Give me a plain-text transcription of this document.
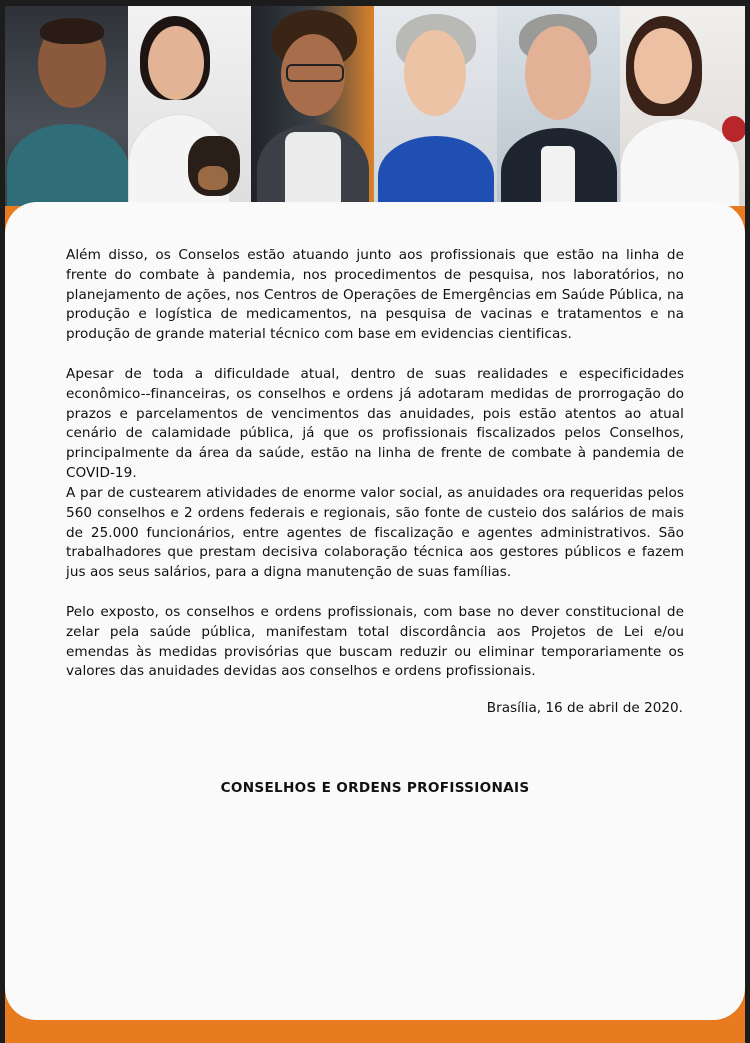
Além disso, os Conselos estão atuando junto aos profissionais que estão na linha de frente do combate à pandemia, nos procedimentos de pesquisa, nos laboratórios, no planejamento de ações, nos Centros de Operações de Emergências em Saúde Pública, na produção e logística de medicamentos, na pesquisa de vacinas e tratamentos e na produção de grande material técnico com base em evidencias cientificas.

Apesar de toda a dificuldade atual, dentro de suas realidades e especificidades econômico--financeiras, os conselhos e ordens já adotaram medidas de prorrogação do prazos e parcelamentos de vencimentos das anuidades, pois estão atentos ao atual cenário de calamidade pública, já que os profissionais fiscalizados pelos Conselhos, principalmente da área da saúde, estão na linha de frente de combate à pandemia de COVID-19.

A par de custearem atividades de enorme valor social, as anuidades ora requeridas pelos 560 conselhos e 2 ordens federais e regionais, são fonte de custeio dos salários de mais de 25.000 funcionários, entre agentes de fiscalização e agentes administrativos. São trabalhadores que prestam decisiva colaboração técnica aos gestores públicos e fazem jus aos seus salários, para a digna manutenção de suas famílias.

Pelo exposto, os conselhos e ordens profissionais, com base no dever constitucional de zelar pela saúde pública, manifestam total discordância aos Projetos de Lei e/ou emendas às medidas provisórias que buscam reduzir ou eliminar temporariamente os valores das anuidades devidas aos conselhos e ordens profissionais.

Brasília, 16 de abril de 2020.

CONSELHOS E ORDENS PROFISSIONAIS
